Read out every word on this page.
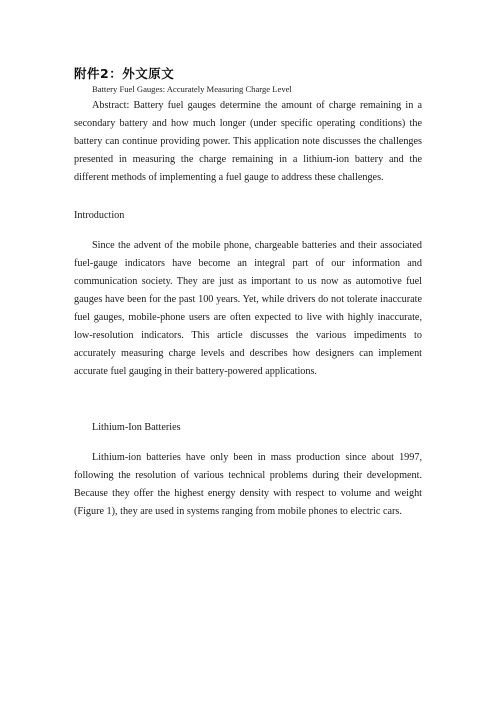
附件2：外文原文
Battery Fuel Gauges: Accurately Measuring Charge Level

Abstract: Battery fuel gauges determine the amount of charge remaining in a secondary battery and how much longer (under specific operating conditions) the battery can continue providing power. This application note discusses the challenges presented in measuring the charge remaining in a lithium-ion battery and the different methods of implementing a fuel gauge to address these challenges.

Introduction

Since the advent of the mobile phone, chargeable batteries and their associated fuel-gauge indicators have become an integral part of our information and communication society. They are just as important to us now as automotive fuel gauges have been for the past 100 years. Yet, while drivers do not tolerate inaccurate fuel gauges, mobile-phone users are often expected to live with highly inaccurate, low-resolution indicators. This article discusses the various impediments to accurately measuring charge levels and describes how designers can implement accurate fuel gauging in their battery-powered applications.

Lithium-Ion Batteries

Lithium-ion batteries have only been in mass production since about 1997, following the resolution of various technical problems during their development. Because they offer the highest energy density with respect to volume and weight (Figure 1), they are used in systems ranging from mobile phones to electric cars.
